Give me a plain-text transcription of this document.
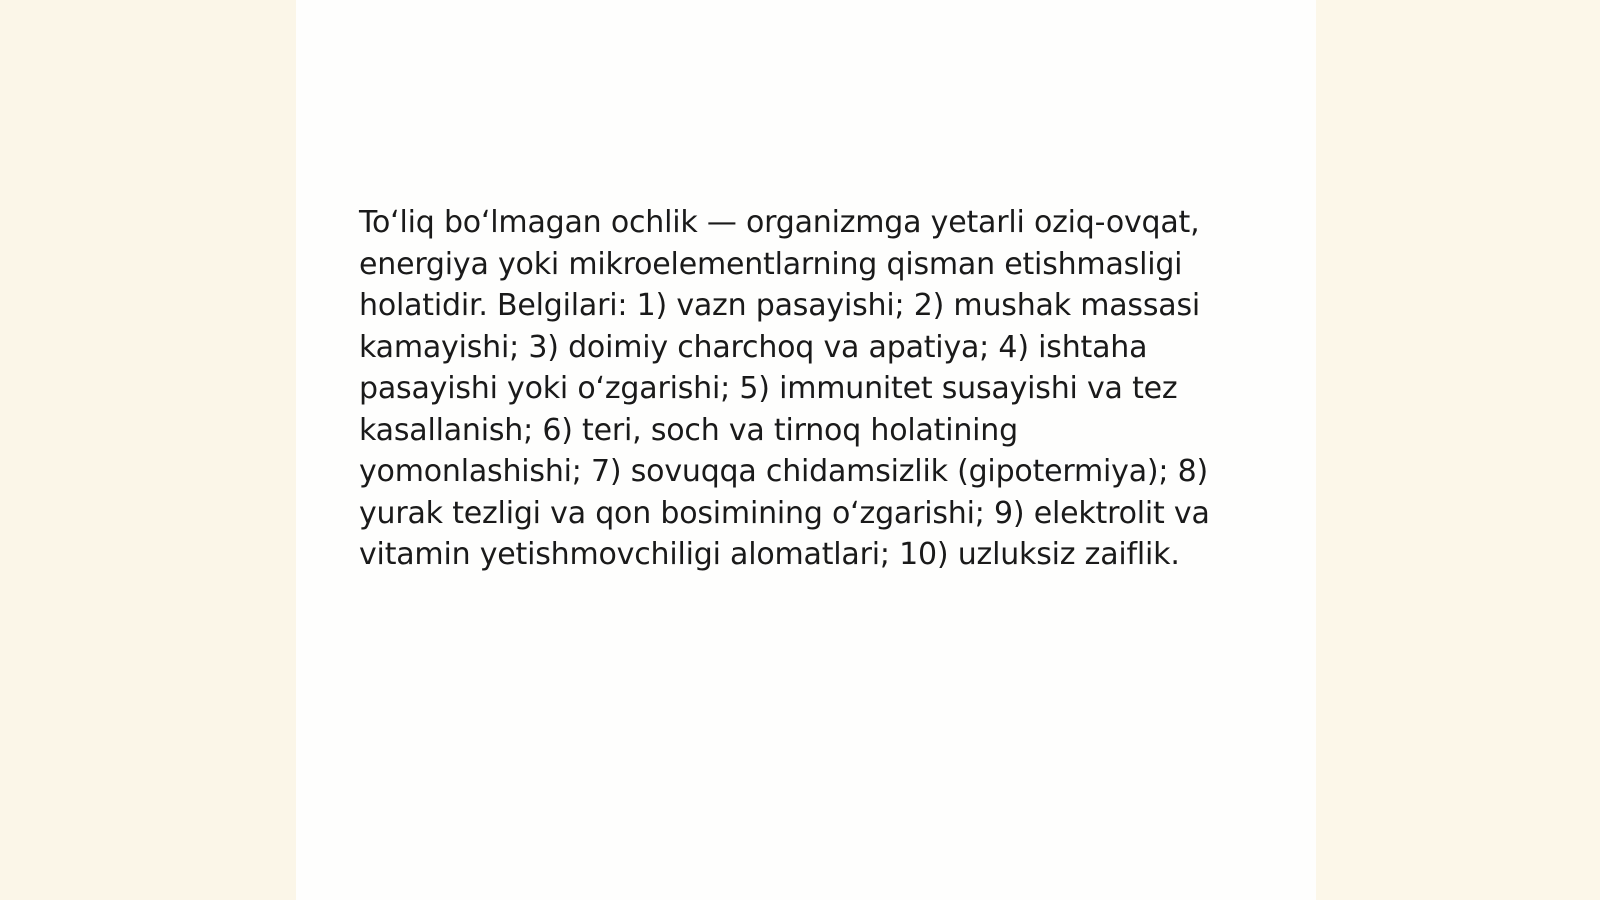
To‘liq bo‘lmagan ochlik — organizmga yetarli oziq-ovqat, energiya yoki mikroelementlarning qisman etishmasligi holatidir. Belgilari: 1) vazn pasayishi; 2) mushak massasi kamayishi; 3) doimiy charchoq va apatiya; 4) ishtaha pasayishi yoki o‘zgarishi; 5) immunitet susayishi va tez kasallanish; 6) teri, soch va tirnoq holatining yomonlashishi; 7) sovuqqa chidamsizlik (gipotermiya); 8) yurak tezligi va qon bosimining o‘zgarishi; 9) elektrolit va vitamin yetishmovchiligi alomatlari; 10) uzluksiz zaiflik.
